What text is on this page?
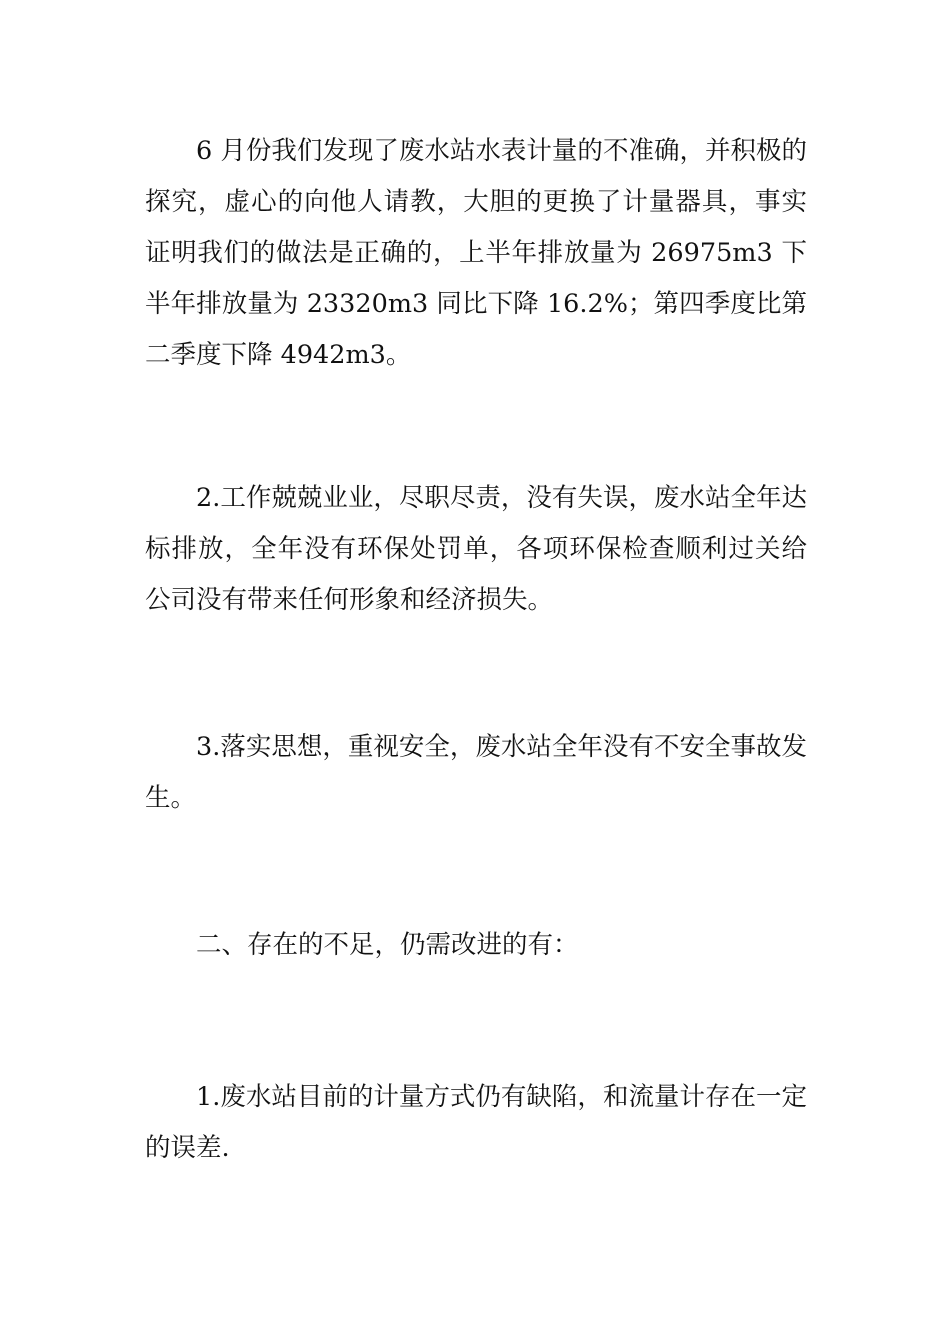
6 月份我们发现了废水站水表计量的不准确，并积极的探究，虚心的向他人请教，大胆的更换了计量器具，事实证明我们的做法是正确的，上半年排放量为 26975m3 下半年排放量为 23320m3 同比下降 16.2%；第四季度比第二季度下降 4942m3。

2.工作兢兢业业，尽职尽责，没有失误，废水站全年达标排放，全年没有环保处罚单，各项环保检查顺利过关给公司没有带来任何形象和经济损失。

3.落实思想，重视安全，废水站全年没有不安全事故发生。

二、存在的不足，仍需改进的有：

1.废水站目前的计量方式仍有缺陷，和流量计存在一定的误差.
